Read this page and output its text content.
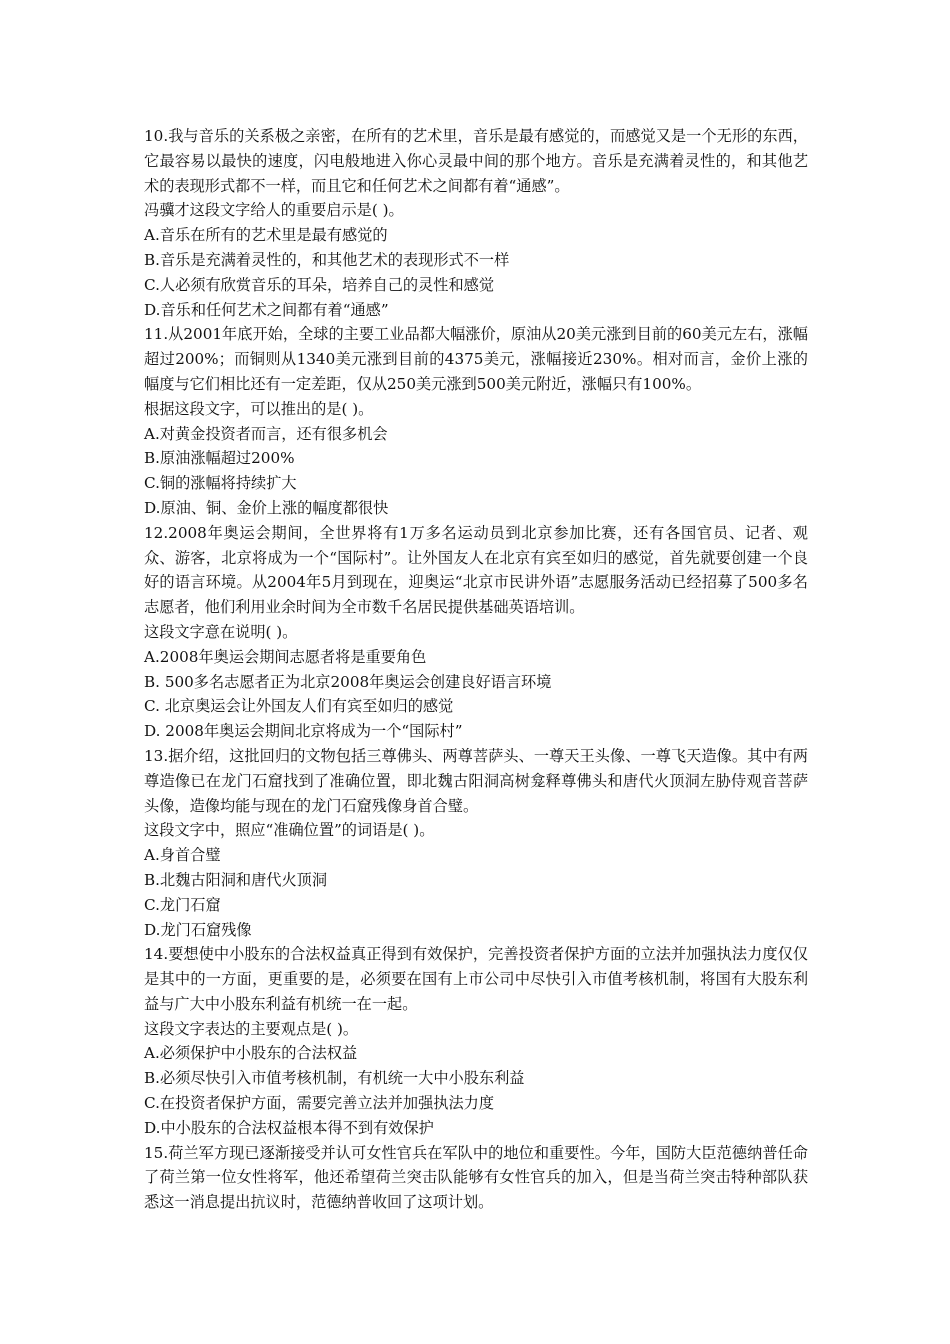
10.我与音乐的关系极之亲密，在所有的艺术里，音乐是最有感觉的，而感觉又是一个无形的东西，它最容易以最快的速度，闪电般地进入你心灵最中间的那个地方。音乐是充满着灵性的，和其他艺术的表现形式都不一样，而且它和任何艺术之间都有着“通感”。

冯骥才这段文字给人的重要启示是( )。

A.音乐在所有的艺术里是最有感觉的

B.音乐是充满着灵性的，和其他艺术的表现形式不一样

C.人必须有欣赏音乐的耳朵，培养自己的灵性和感觉

D.音乐和任何艺术之间都有着“通感”

11.从2001年底开始，全球的主要工业品都大幅涨价，原油从20美元涨到目前的60美元左右，涨幅超过200%；而铜则从1340美元涨到目前的4375美元，涨幅接近230%。相对而言，金价上涨的幅度与它们相比还有一定差距，仅从250美元涨到500美元附近，涨幅只有100%。

根据这段文字，可以推出的是( )。

A.对黄金投资者而言，还有很多机会

B.原油涨幅超过200%

C.铜的涨幅将持续扩大

D.原油、铜、金价上涨的幅度都很快

12.2008年奥运会期间，全世界将有1万多名运动员到北京参加比赛，还有各国官员、记者、观众、游客，北京将成为一个“国际村”。让外国友人在北京有宾至如归的感觉，首先就要创建一个良好的语言环境。从2004年5月到现在，迎奥运“北京市民讲外语”志愿服务活动已经招募了500多名志愿者，他们利用业余时间为全市数千名居民提供基础英语培训。

这段文字意在说明( )。

A.2008年奥运会期间志愿者将是重要角色

B. 500多名志愿者正为北京2008年奥运会创建良好语言环境

C. 北京奥运会让外国友人们有宾至如归的感觉

D. 2008年奥运会期间北京将成为一个“国际村”

13.据介绍，这批回归的文物包括三尊佛头、两尊菩萨头、一尊天王头像、一尊飞天造像。其中有两尊造像已在龙门石窟找到了准确位置，即北魏古阳洞高树龛释尊佛头和唐代火顶洞左胁侍观音菩萨头像，造像均能与现在的龙门石窟残像身首合璧。

这段文字中，照应“准确位置”的词语是( )。

A.身首合璧

B.北魏古阳洞和唐代火顶洞

C.龙门石窟

D.龙门石窟残像

14.要想使中小股东的合法权益真正得到有效保护，完善投资者保护方面的立法并加强执法力度仅仅是其中的一方面，更重要的是，必须要在国有上市公司中尽快引入市值考核机制，将国有大股东利益与广大中小股东利益有机统一在一起。

这段文字表达的主要观点是( )。

A.必须保护中小股东的合法权益

B.必须尽快引入市值考核机制，有机统一大中小股东利益

C.在投资者保护方面，需要完善立法并加强执法力度

D.中小股东的合法权益根本得不到有效保护

15.荷兰军方现已逐渐接受并认可女性官兵在军队中的地位和重要性。今年，国防大臣范德纳普任命了荷兰第一位女性将军，他还希望荷兰突击队能够有女性官兵的加入，但是当荷兰突击特种部队获悉这一消息提出抗议时，范德纳普收回了这项计划。
